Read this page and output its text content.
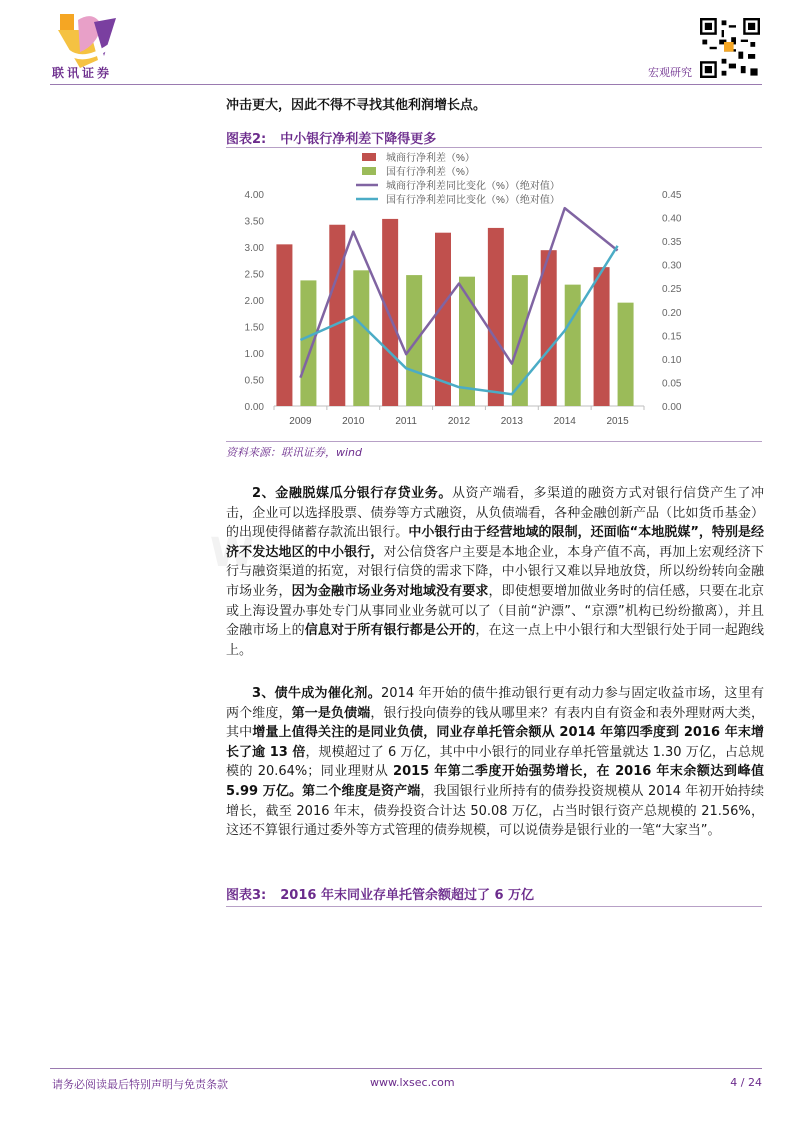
联讯证券	宏观研究
W
冲击更大，因此不得不寻找其他利润增长点。
图表2: 中小银行净利差下降得更多
城商行净利差（%）
国有行净利差（%）
城商行净利差同比变化（%）（绝对值）
国有行净利差同比变化（%）（绝对值）
0.00
0.50
1.00
1.50
2.00
2.50
3.00
3.50
4.00
0.00
0.05
0.10
0.15
0.20
0.25
0.30
0.35
0.40
0.45
2009	2010	2011	2012	2013	2014	2015
资料来源：联讯证券，wind

2、金融脱媒瓜分银行存贷业务。从资产端看，多渠道的融资方式对银行信贷产生了冲击，企业可以选择股票、债券等方式融资，从负债端看，各种金融创新产品（比如货币基金）的出现使得储蓄存款流出银行。中小银行由于经营地域的限制，还面临“本地脱媒”，特别是经济不发达地区的中小银行，对公信贷客户主要是本地企业，本身产值不高，再加上宏观经济下行与融资渠道的拓宽，对银行信贷的需求下降，中小银行又难以异地放贷，所以纷纷转向金融市场业务，因为金融市场业务对地域没有要求，即使想要增加做业务时的信任感，只要在北京或上海设置办事处专门从事同业业务就可以了（目前“沪漂”、“京漂”机构已纷纷撤离），并且金融市场上的信息对于所有银行都是公开的，在这一点上中小银行和大型银行处于同一起跑线上。

3、债牛成为催化剂。2014 年开始的债牛推动银行更有动力参与固定收益市场，这里有两个维度，第一是负债端，银行投向债券的钱从哪里来？有表内自有资金和表外理财两大类，其中增量上值得关注的是同业负债，同业存单托管余额从 2014 年第四季度到 2016 年末增长了逾 13 倍，规模超过了 6 万亿，其中中小银行的同业存单托管量就达 1.30 万亿，占总规模的 20.64%；同业理财从 2015 年第二季度开始强势增长，在 2016 年末余额达到峰值 5.99 万亿。第二个维度是资产端，我国银行业所持有的债券投资规模从 2014 年初开始持续增长，截至 2016 年末，债券投资合计达 50.08 万亿，占当时银行资产总规模的 21.56%，这还不算银行通过委外等方式管理的债券规模，可以说债券是银行业的一笔“大家当”。

图表3: 2016 年末同业存单托管余额超过了 6 万亿
请务必阅读最后特别声明与免责条款	www.lxsec.com	4 / 24
